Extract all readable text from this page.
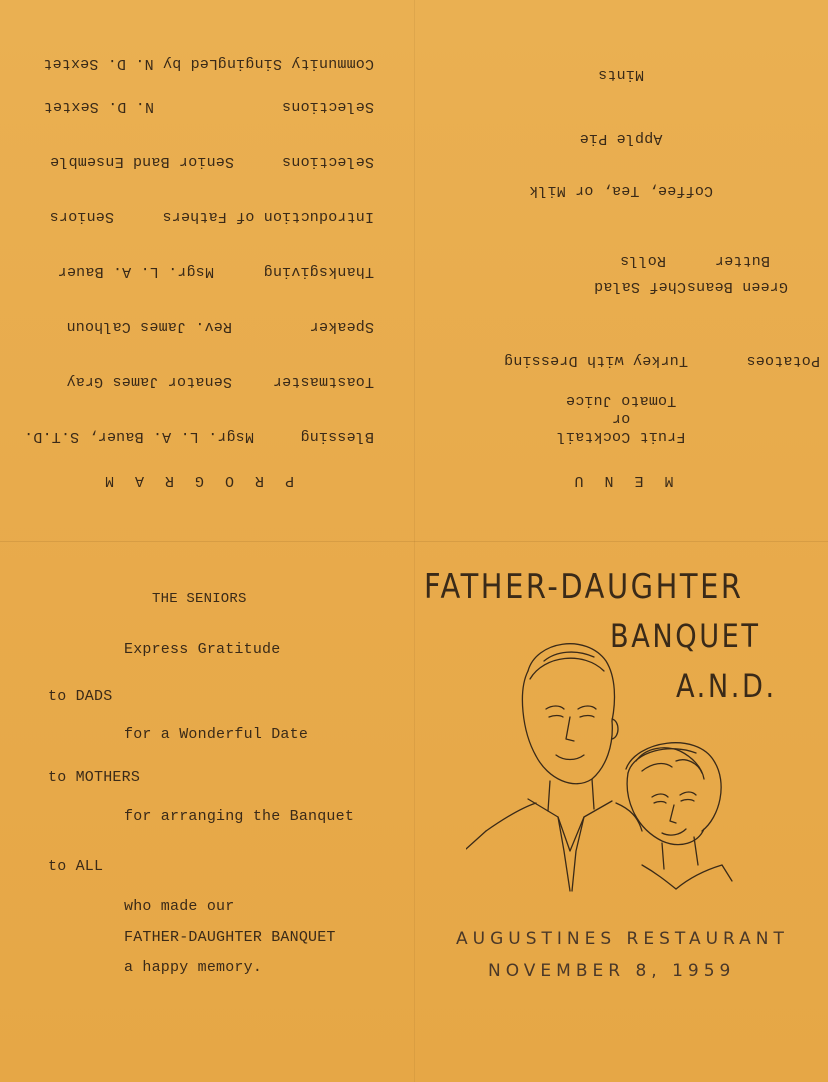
M E N U
Fruit Cocktail
or
Tomato Juice
Turkey with Dressing	Potatoes
Chef Salad Green Beans
Rolls	Butter
Coffee, Tea, or Milk
Apple Pie
Mints
P R O G R A M
Blessing
Msgr. L. A. Bauer, S.T.D.
Toastmaster
Senator James Gray
Speaker
Rev. James Calhoun
Thanksgiving
Msgr. L. A. Bauer
Introduction of Fathers
Seniors
Selections
Senior Band Ensemble
Selections
N. D. Sextet
Community Singing
Led by N. D. Sextet
THE SENIORS
Express Gratitude
to DADS
for a Wonderful Date
to MOTHERS
for arranging the Banquet
to ALL
who made our
FATHER-DAUGHTER BANQUET
a happy memory.
FATHER-DAUGHTER
BANQUET
A.N.D.
AUGUSTINES RESTAURANT
NOVEMBER 8, 1959
